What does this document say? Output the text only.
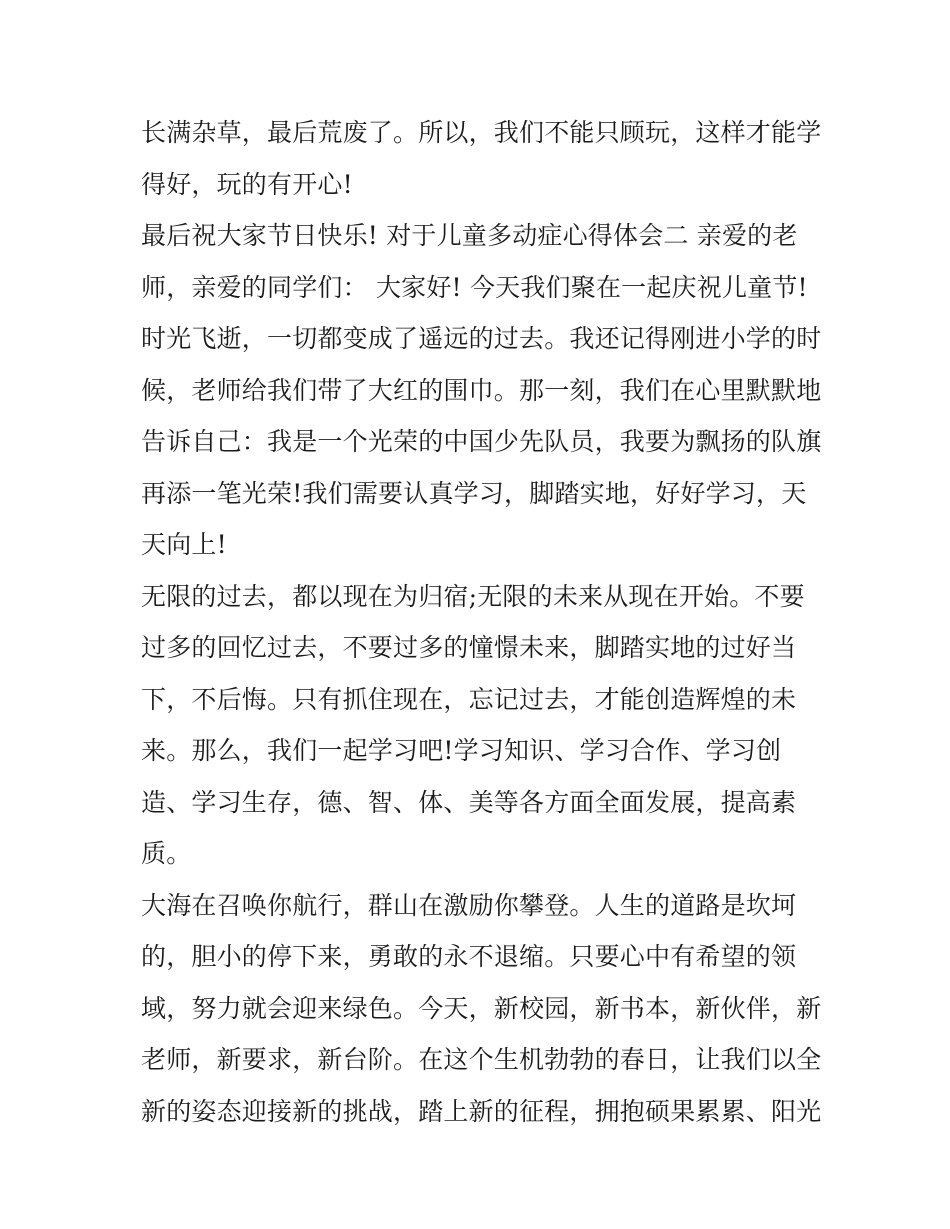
长满杂草，最后荒废了。所以，我们不能只顾玩，这样才能学
得好，玩的有开心!
最后祝大家节日快乐! 对于儿童多动症心得体会二 亲爱的老
师，亲爱的同学们： 大家好! 今天我们聚在一起庆祝儿童节!
时光飞逝，一切都变成了遥远的过去。我还记得刚进小学的时
候，老师给我们带了大红的围巾。那一刻，我们在心里默默地
告诉自己：我是一个光荣的中国少先队员，我要为飘扬的队旗
再添一笔光荣!我们需要认真学习，脚踏实地，好好学习，天
天向上!
无限的过去，都以现在为归宿;无限的未来从现在开始。不要
过多的回忆过去，不要过多的憧憬未来，脚踏实地的过好当
下，不后悔。只有抓住现在，忘记过去，才能创造辉煌的未
来。那么，我们一起学习吧!学习知识、学习合作、学习创
造、学习生存，德、智、体、美等各方面全面发展，提高素
质。
大海在召唤你航行，群山在激励你攀登。人生的道路是坎坷
的，胆小的停下来，勇敢的永不退缩。只要心中有希望的领
域，努力就会迎来绿色。今天，新校园，新书本，新伙伴，新
老师，新要求，新台阶。在这个生机勃勃的春日，让我们以全
新的姿态迎接新的挑战，踏上新的征程，拥抱硕果累累、阳光
